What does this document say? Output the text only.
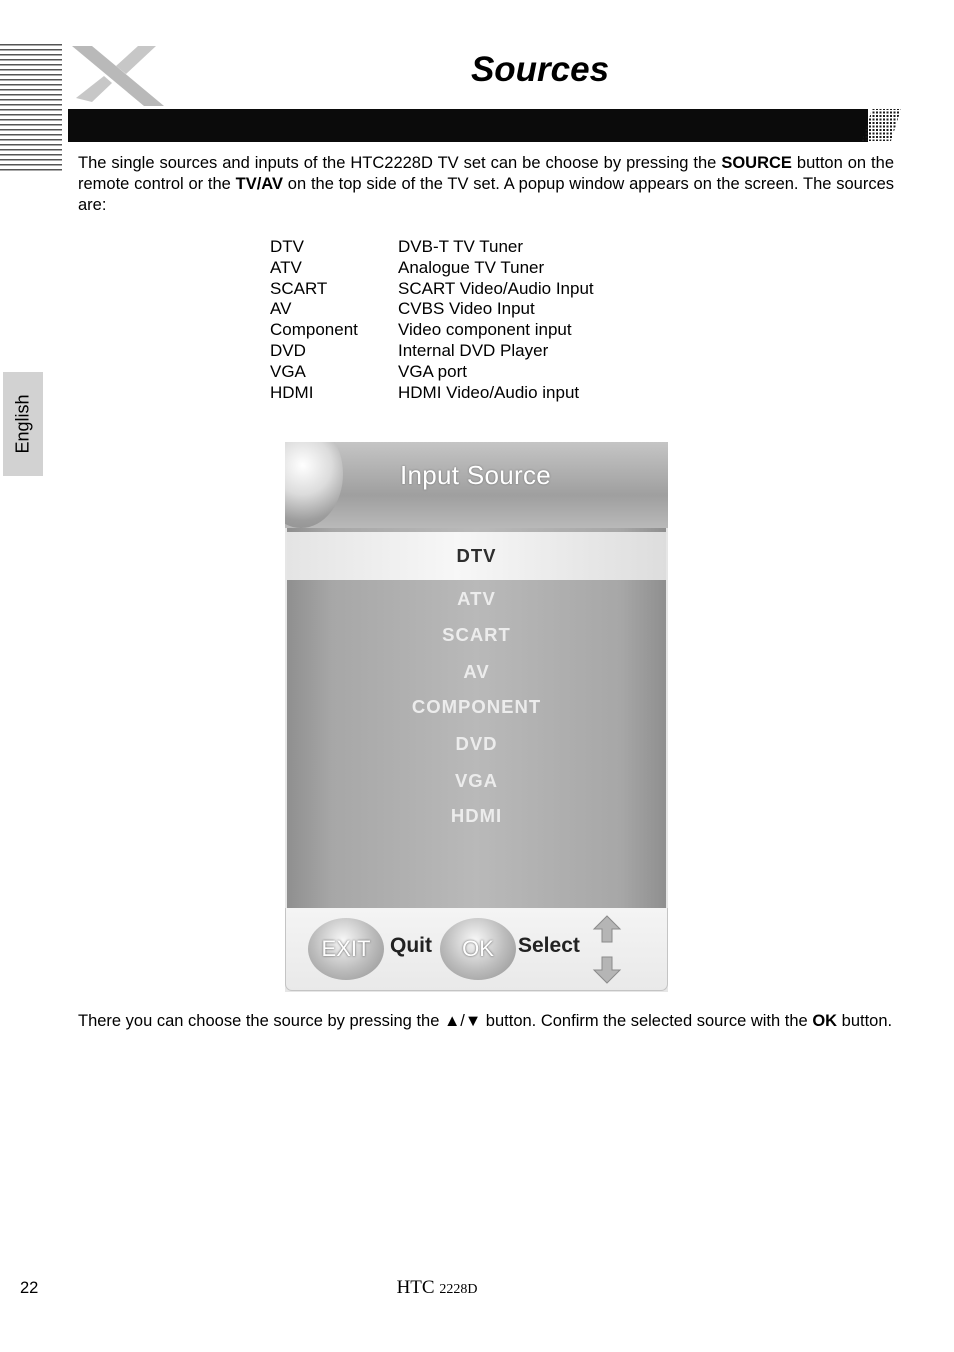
Sources
English

The single sources and inputs of the HTC2228D TV set can be choose by pressing the SOURCE button on the remote control or the TV/AV on the top side of the TV set. A popup window appears on the screen. The sources are:

DTV	DVB-T TV Tuner
ATV	Analogue TV Tuner
SCART	SCART Video/Audio Input
AV	CVBS Video Input
Component	Video component input
DVD	Internal DVD Player
VGA	VGA port
HDMI	HDMI Video/Audio input
Input Source
DTV
ATV
SCART
AV
COMPONENT
DVD
VGA
HDMI
EXIT Quit	OK	Select

There you can choose the source by pressing the ▲/▼ button. Confirm the selected source with the OK button.

22	HTC 2228D
